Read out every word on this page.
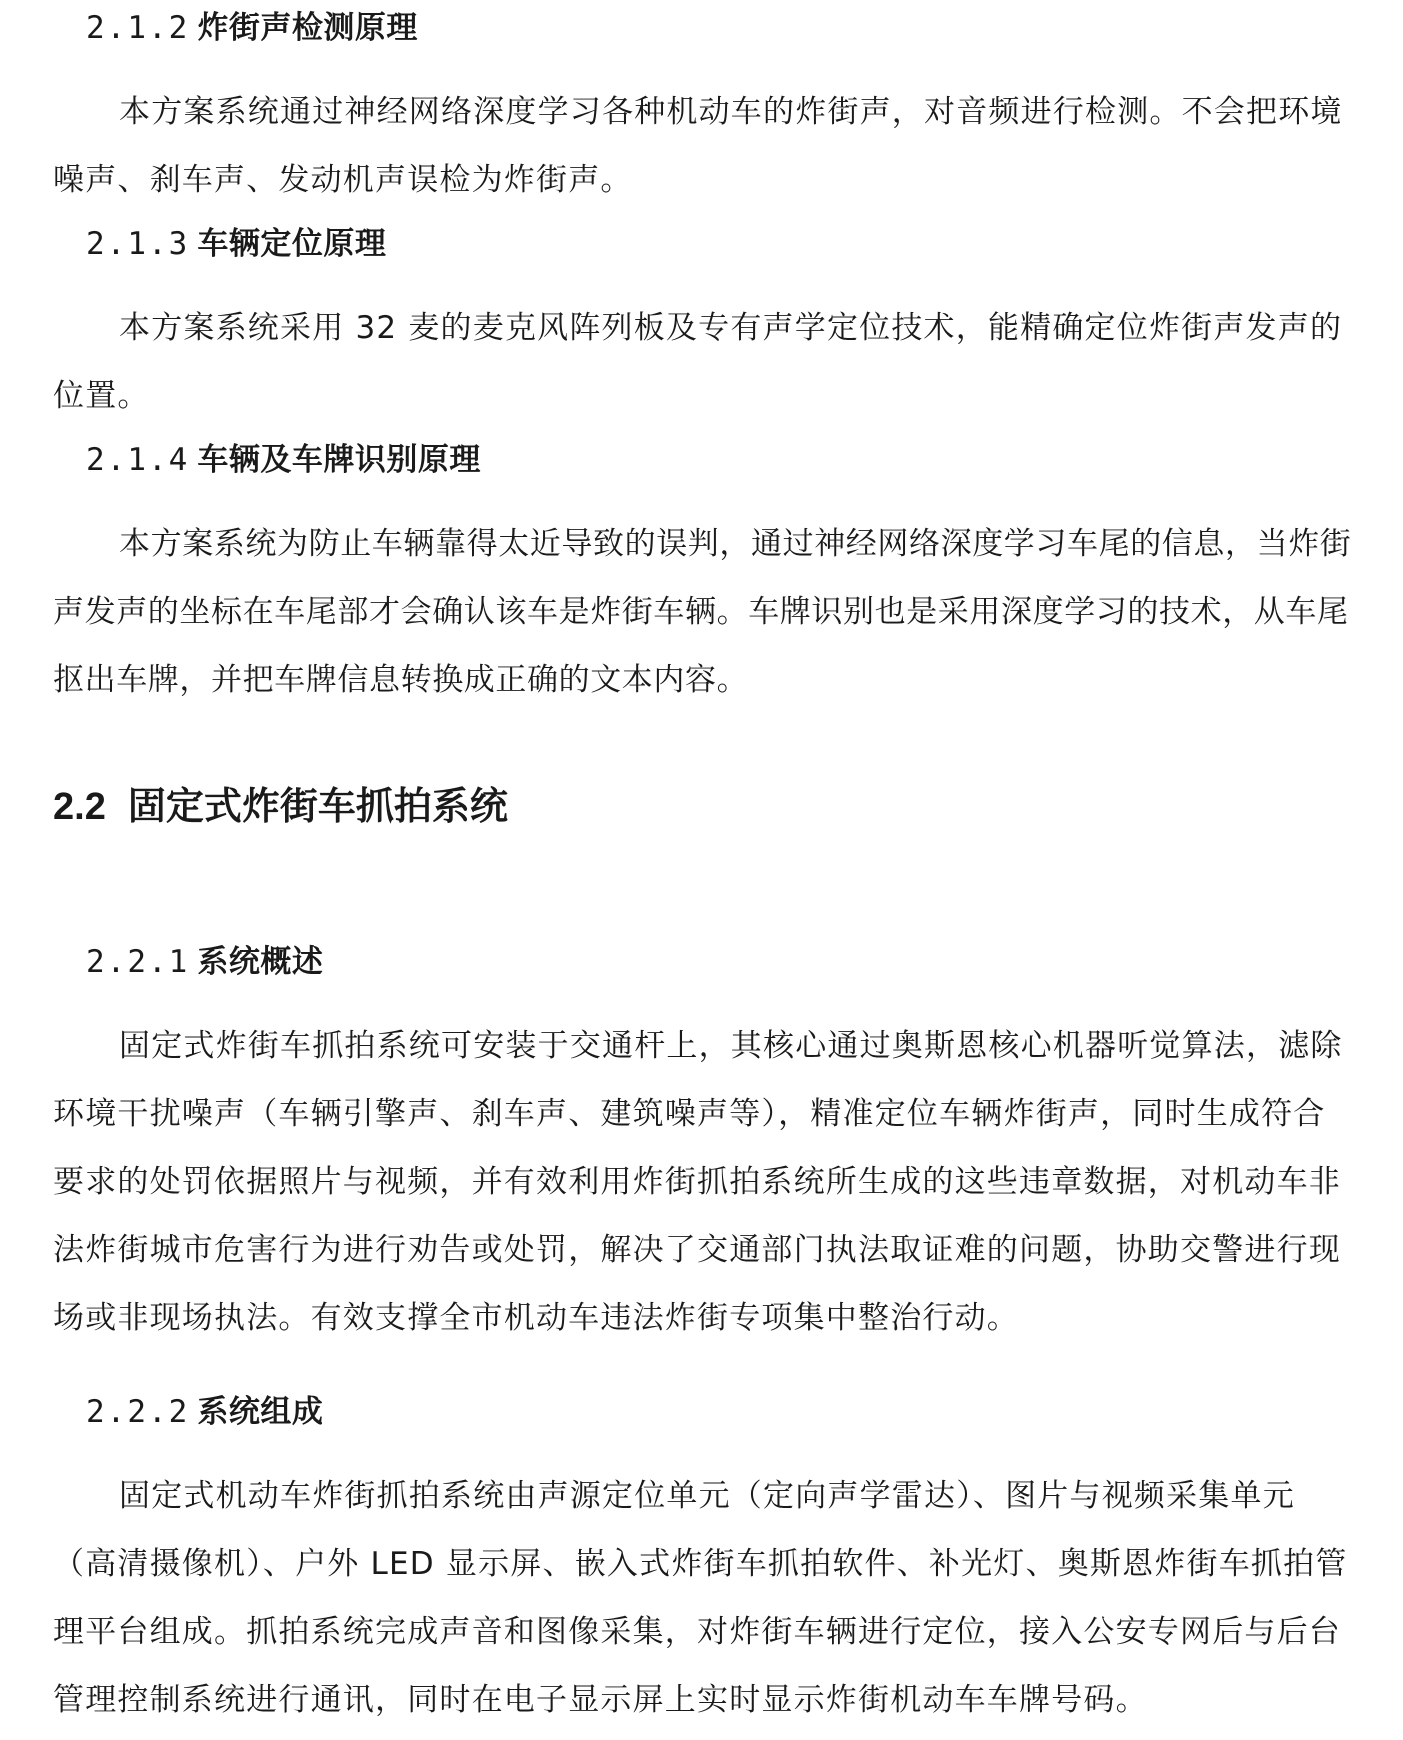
2.1.2 炸街声检测原理

本方案系统通过神经网络深度学习各种机动车的炸街声，对音频进行检测。不会把环境噪声、刹车声、发动机声误检为炸街声。

2.1.3 车辆定位原理

本方案系统采用 32 麦的麦克风阵列板及专有声学定位技术，能精确定位炸街声发声的位置。

2.1.4 车辆及车牌识别原理

本方案系统为防止车辆靠得太近导致的误判，通过神经网络深度学习车尾的信息，当炸街声发声的坐标在车尾部才会确认该车是炸街车辆。车牌识别也是采用深度学习的技术，从车尾抠出车牌，并把车牌信息转换成正确的文本内容。

2.2 固定式炸街车抓拍系统
2.2.1 系统概述

固定式炸街车抓拍系统可安装于交通杆上，其核心通过奥斯恩核心机器听觉算法，滤除环境干扰噪声（车辆引擎声、刹车声、建筑噪声等），精准定位车辆炸街声，同时生成符合要求的处罚依据照片与视频，并有效利用炸街抓拍系统所生成的这些违章数据，对机动车非法炸街城市危害行为进行劝告或处罚，解决了交通部门执法取证难的问题，协助交警进行现场或非现场执法。有效支撑全市机动车违法炸街专项集中整治行动。

2.2.2 系统组成

固定式机动车炸街抓拍系统由声源定位单元（定向声学雷达）、图片与视频采集单元（高清摄像机）、户外 LED 显示屏、嵌入式炸街车抓拍软件、补光灯、奥斯恩炸街车抓拍管理平台组成。抓拍系统完成声音和图像采集，对炸街车辆进行定位，接入公安专网后与后台管理控制系统进行通讯，同时在电子显示屏上实时显示炸街机动车车牌号码。
